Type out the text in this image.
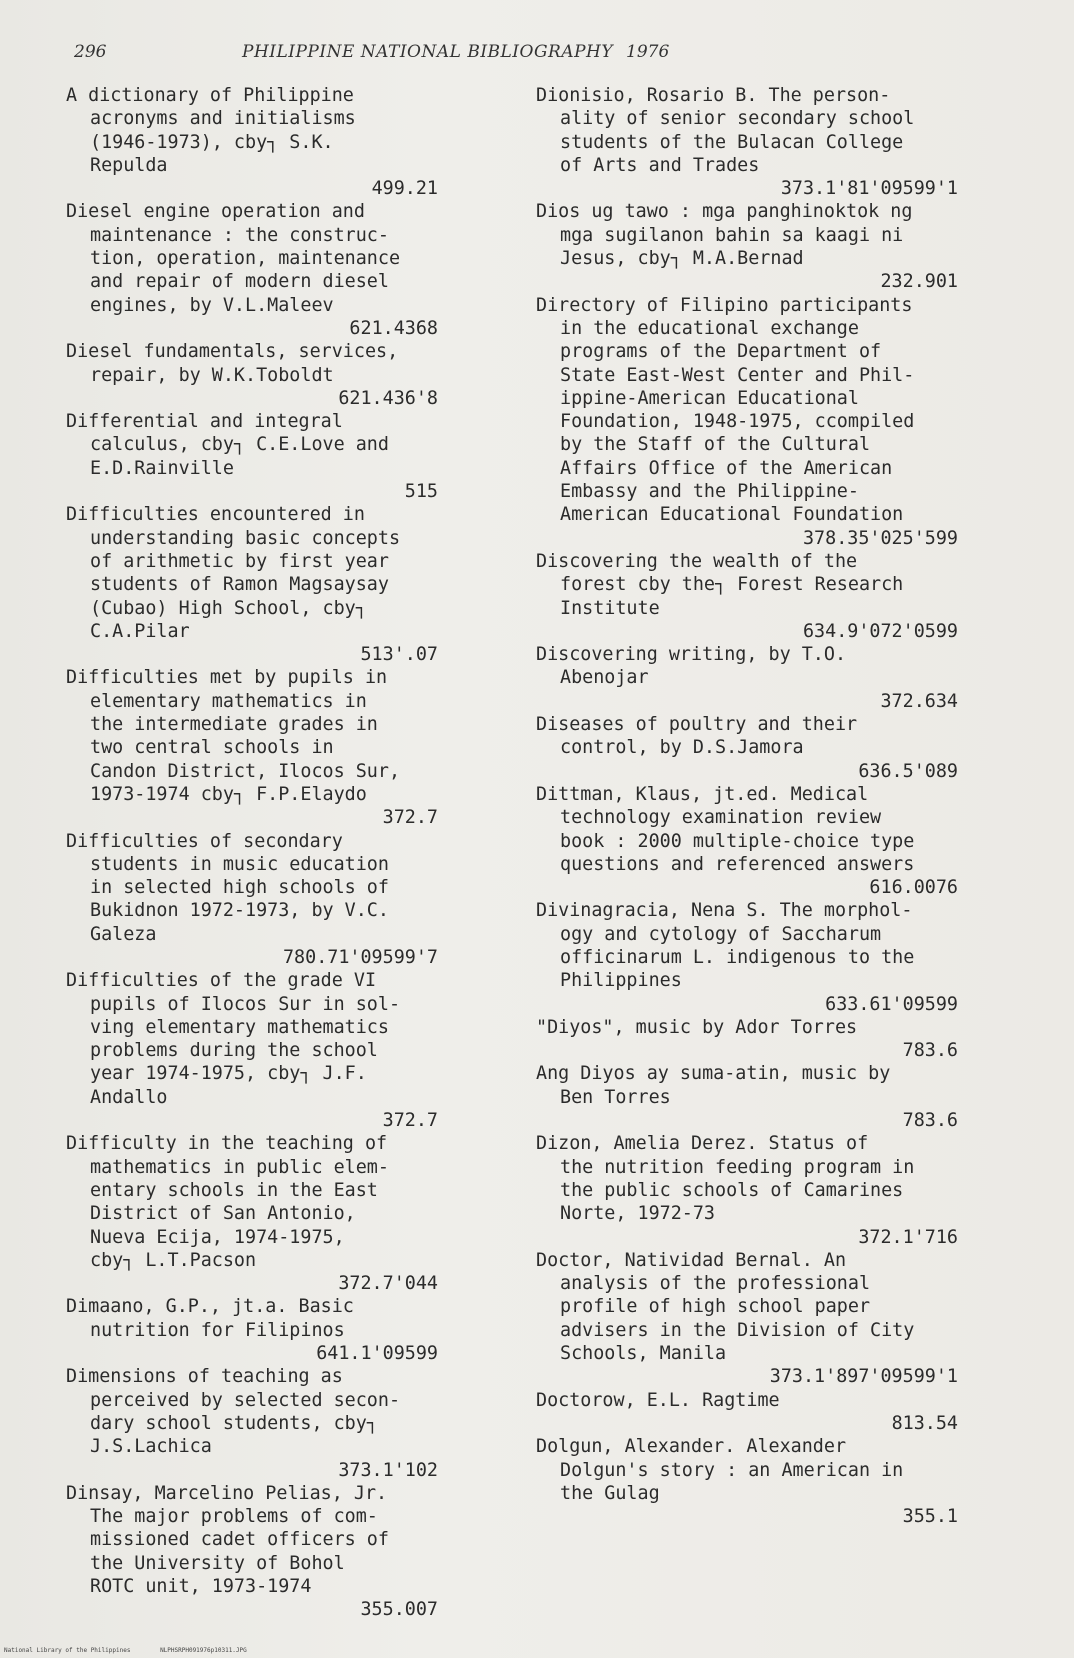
296	PHILIPPINE NATIONAL BIBLIOGRAPHY 1976
A dictionary of Philippine
acronyms and initialisms
(1946-1973), cby┐ S.K.
Repulda
499.21
Diesel engine operation and
maintenance : the construc-
tion, operation, maintenance
and repair of modern diesel
engines, by V.L.Maleev
621.4368
Diesel fundamentals, services,
repair, by W.K.Toboldt
621.436'8
Differential and integral
calculus, cby┐ C.E.Love and
E.D.Rainville
515
Difficulties encountered in
understanding basic concepts
of arithmetic by first year
students of Ramon Magsaysay
(Cubao) High School, cby┐
C.A.Pilar
513'.07
Difficulties met by pupils in
elementary mathematics in
the intermediate grades in
two central schools in
Candon District, Ilocos Sur,
1973-1974 cby┐ F.P.Elaydo
372.7
Difficulties of secondary
students in music education
in selected high schools of
Bukidnon 1972-1973, by V.C.
Galeza
780.71'09599'7
Difficulties of the grade VI
pupils of Ilocos Sur in sol-
ving elementary mathematics
problems during the school
year 1974-1975, cby┐ J.F.
Andallo
372.7
Difficulty in the teaching of
mathematics in public elem-
entary schools in the East
District of San Antonio,
Nueva Ecija, 1974-1975,
cby┐ L.T.Pacson
372.7'044
Dimaano, G.P., jt.a. Basic
nutrition for Filipinos
641.1'09599
Dimensions of teaching as
perceived by selected secon-
dary school students, cby┐
J.S.Lachica
373.1'102
Dinsay, Marcelino Pelias, Jr.
The major problems of com-
missioned cadet officers of
the University of Bohol
ROTC unit, 1973-1974
355.007
Dionisio, Rosario B. The person-
ality of senior secondary school
students of the Bulacan College
of Arts and Trades
373.1'81'09599'1
Dios ug tawo : mga panghinoktok ng
mga sugilanon bahin sa kaagi ni
Jesus, cby┐ M.A.Bernad
232.901
Directory of Filipino participants
in the educational exchange
programs of the Department of
State East-West Center and Phil-
ippine-American Educational
Foundation, 1948-1975, ccompiled
by the Staff of the Cultural
Affairs Office of the American
Embassy and the Philippine-
American Educational Foundation
378.35'025'599
Discovering the wealth of the
forest cby the┐ Forest Research
Institute
634.9'072'0599
Discovering writing, by T.O.
Abenojar
372.634
Diseases of poultry and their
control, by D.S.Jamora
636.5'089
Dittman, Klaus, jt.ed. Medical
technology examination review
book : 2000 multiple-choice type
questions and referenced answers
616.0076
Divinagracia, Nena S. The morphol-
ogy and cytology of Saccharum
officinarum L. indigenous to the
Philippines
633.61'09599
"Diyos", music by Ador Torres
783.6
Ang Diyos ay suma-atin, music by
Ben Torres
783.6
Dizon, Amelia Derez. Status of
the nutrition feeding program in
the public schools of Camarines
Norte, 1972-73
372.1'716
Doctor, Natividad Bernal. An
analysis of the professional
profile of high school paper
advisers in the Division of City
Schools, Manila
373.1'897'09599'1
Doctorow, E.L. Ragtime
813.54
Dolgun, Alexander. Alexander
Dolgun's story : an American in
the Gulag
355.1
National Library of the Philippines	NLPHSRPH091976p10311.JPG
